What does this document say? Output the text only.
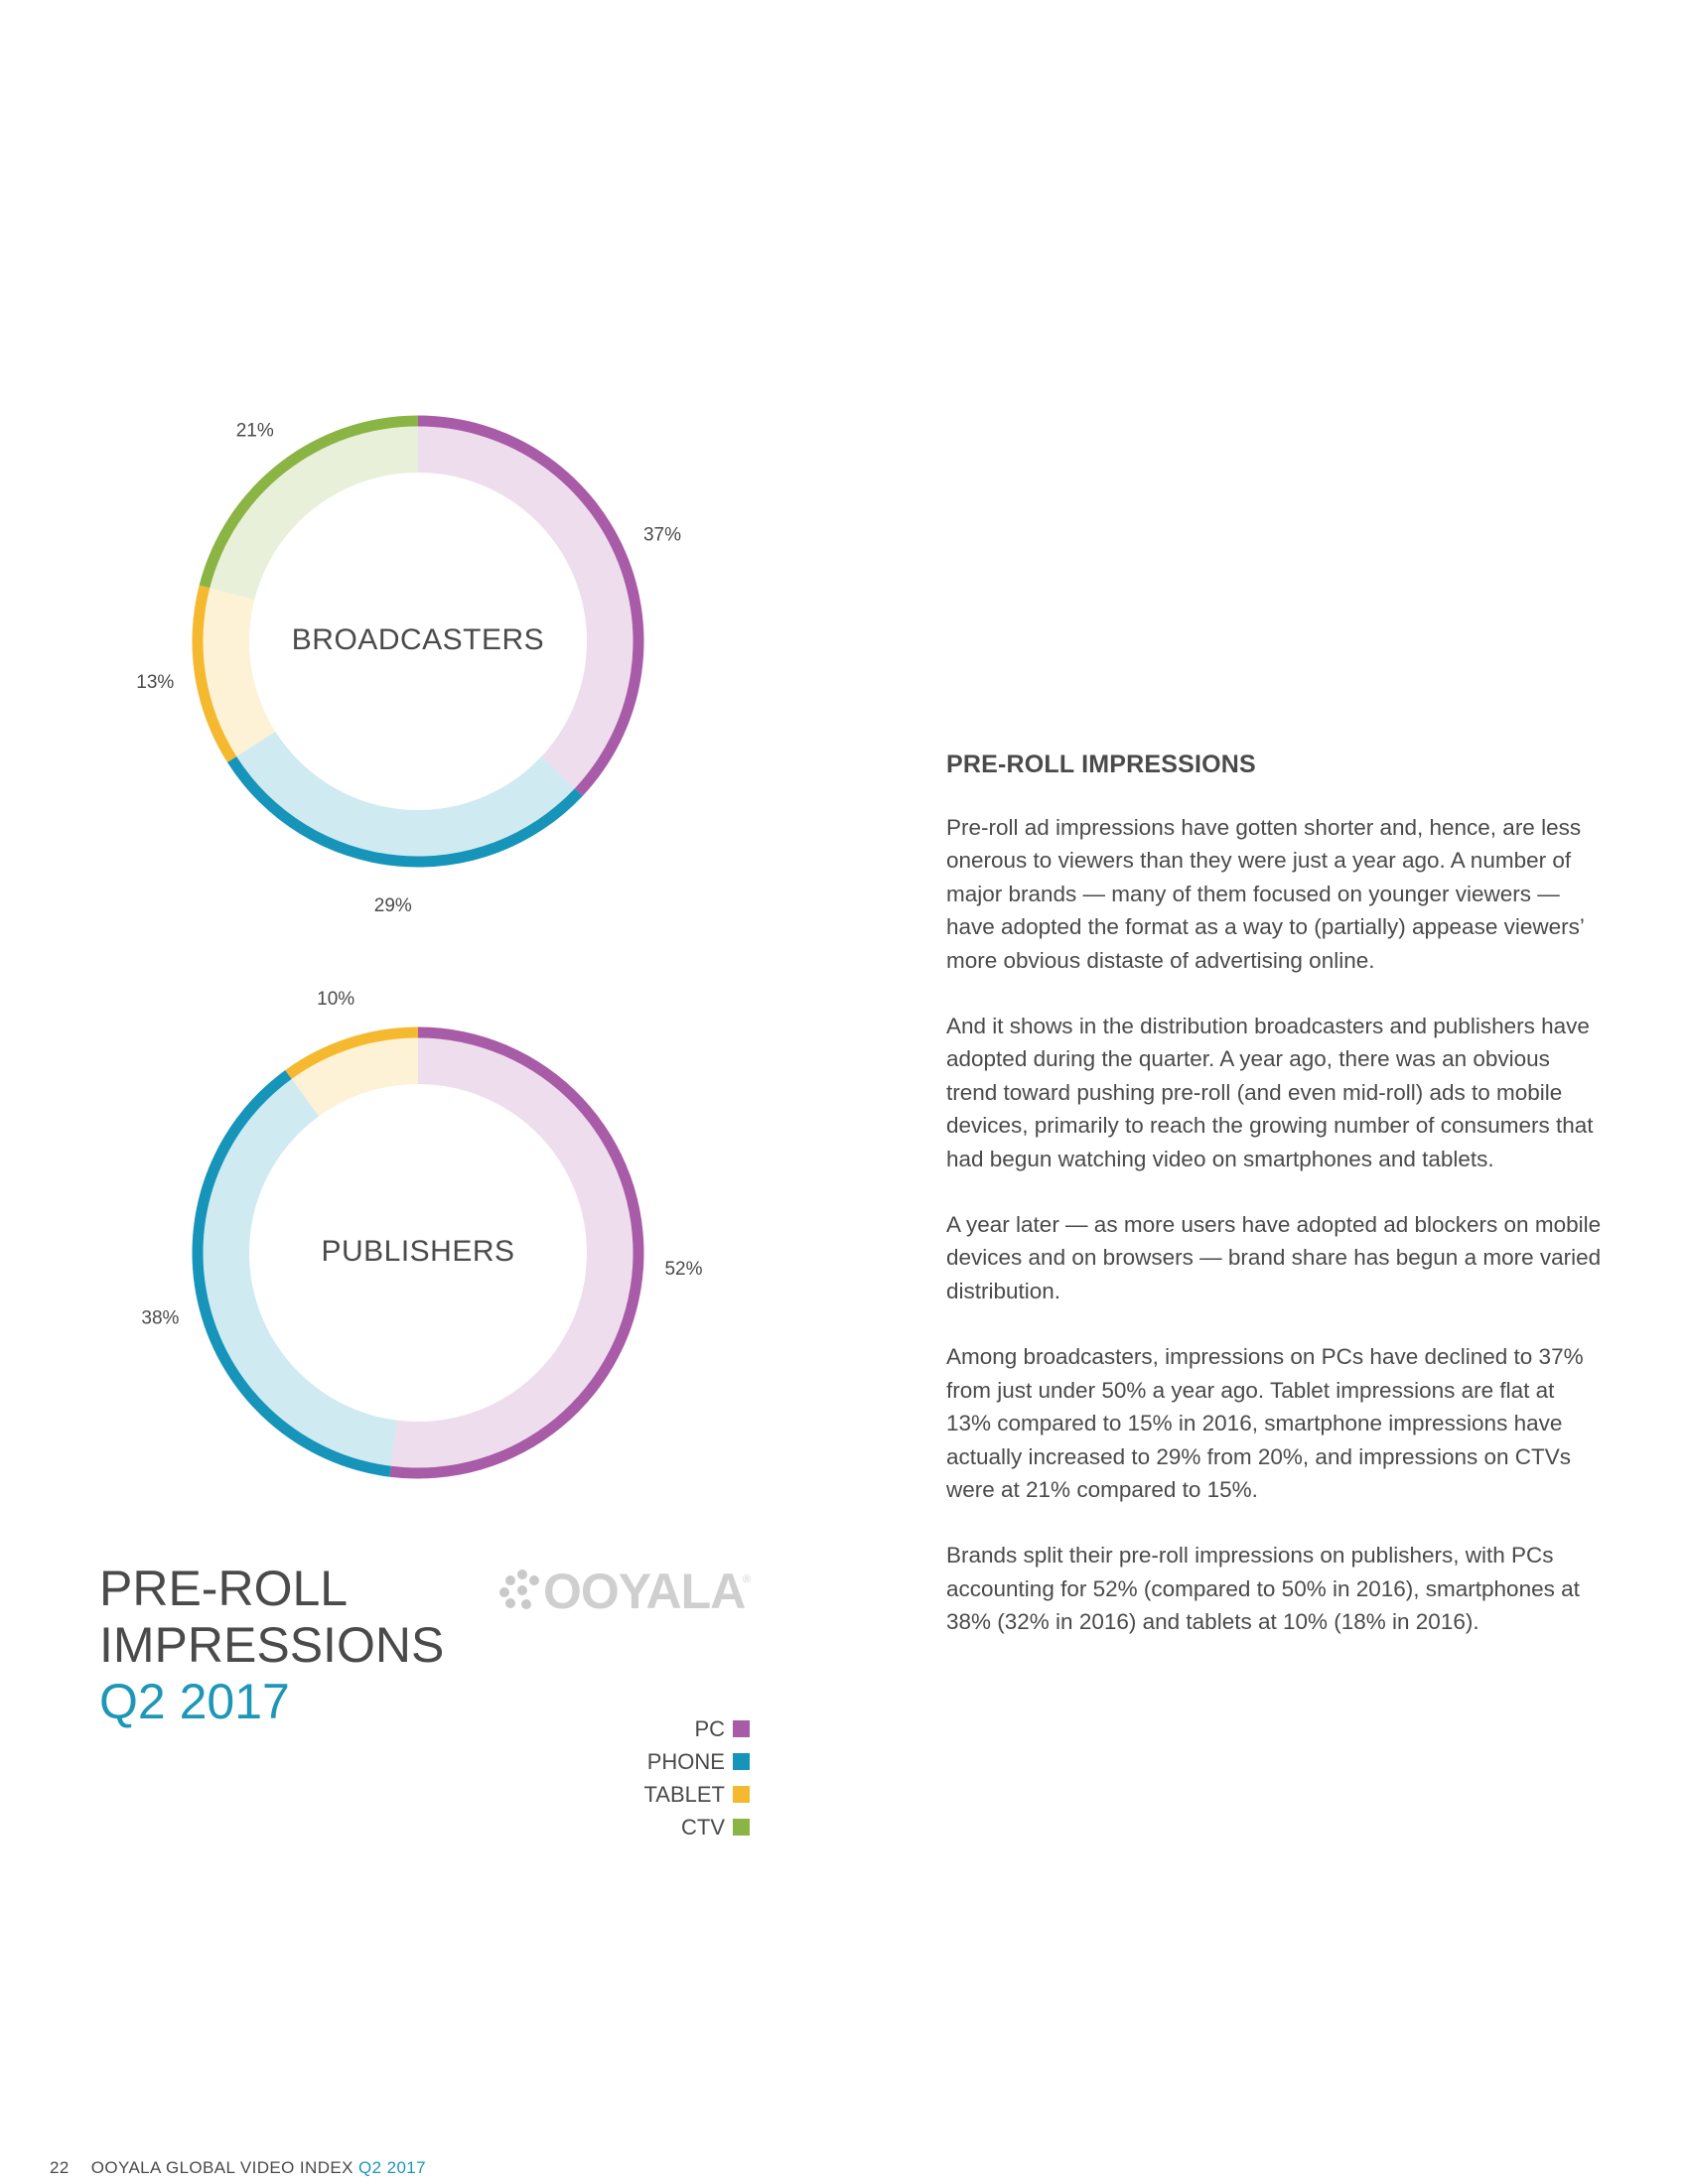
37%
29%
13%
21%
BROADCASTERS
52%
38%
10%
PUBLISHERS
PRE-ROLL
IMPRESSIONS
Q2 2017
OOYALA
®
PC
PHONE
TABLET
CTV
PRE-ROLL IMPRESSIONS

Pre-roll ad impressions have gotten shorter and, hence, are less onerous to viewers than they were just a year ago. A number of major brands — many of them focused on younger viewers — have adopted the format as a way to (partially) appease viewers’ more obvious distaste of advertising online.

And it shows in the distribution broadcasters and publishers have adopted during the quarter. A year ago, there was an obvious trend toward pushing pre-roll (and even mid-roll) ads to mobile devices, primarily to reach the growing number of consumers that had begun watching video on smartphones and tablets.

A year later — as more users have adopted ad blockers on mobile devices and on browsers — brand share has begun a more varied distribution.

Among broadcasters, impressions on PCs have declined to 37% from just under 50% a year ago. Tablet impressions are flat at 13% compared to 15% in 2016, smartphone impressions have actually increased to 29% from 20%, and impressions on CTVs were at 21% compared to 15%.

Brands split their pre-roll impressions on publishers, with PCs accounting for 52% (compared to 50% in 2016), smartphones at 38% (32% in 2016) and tablets at 10% (18% in 2016).

22 OOYALA GLOBAL VIDEO INDEX Q2 2017
